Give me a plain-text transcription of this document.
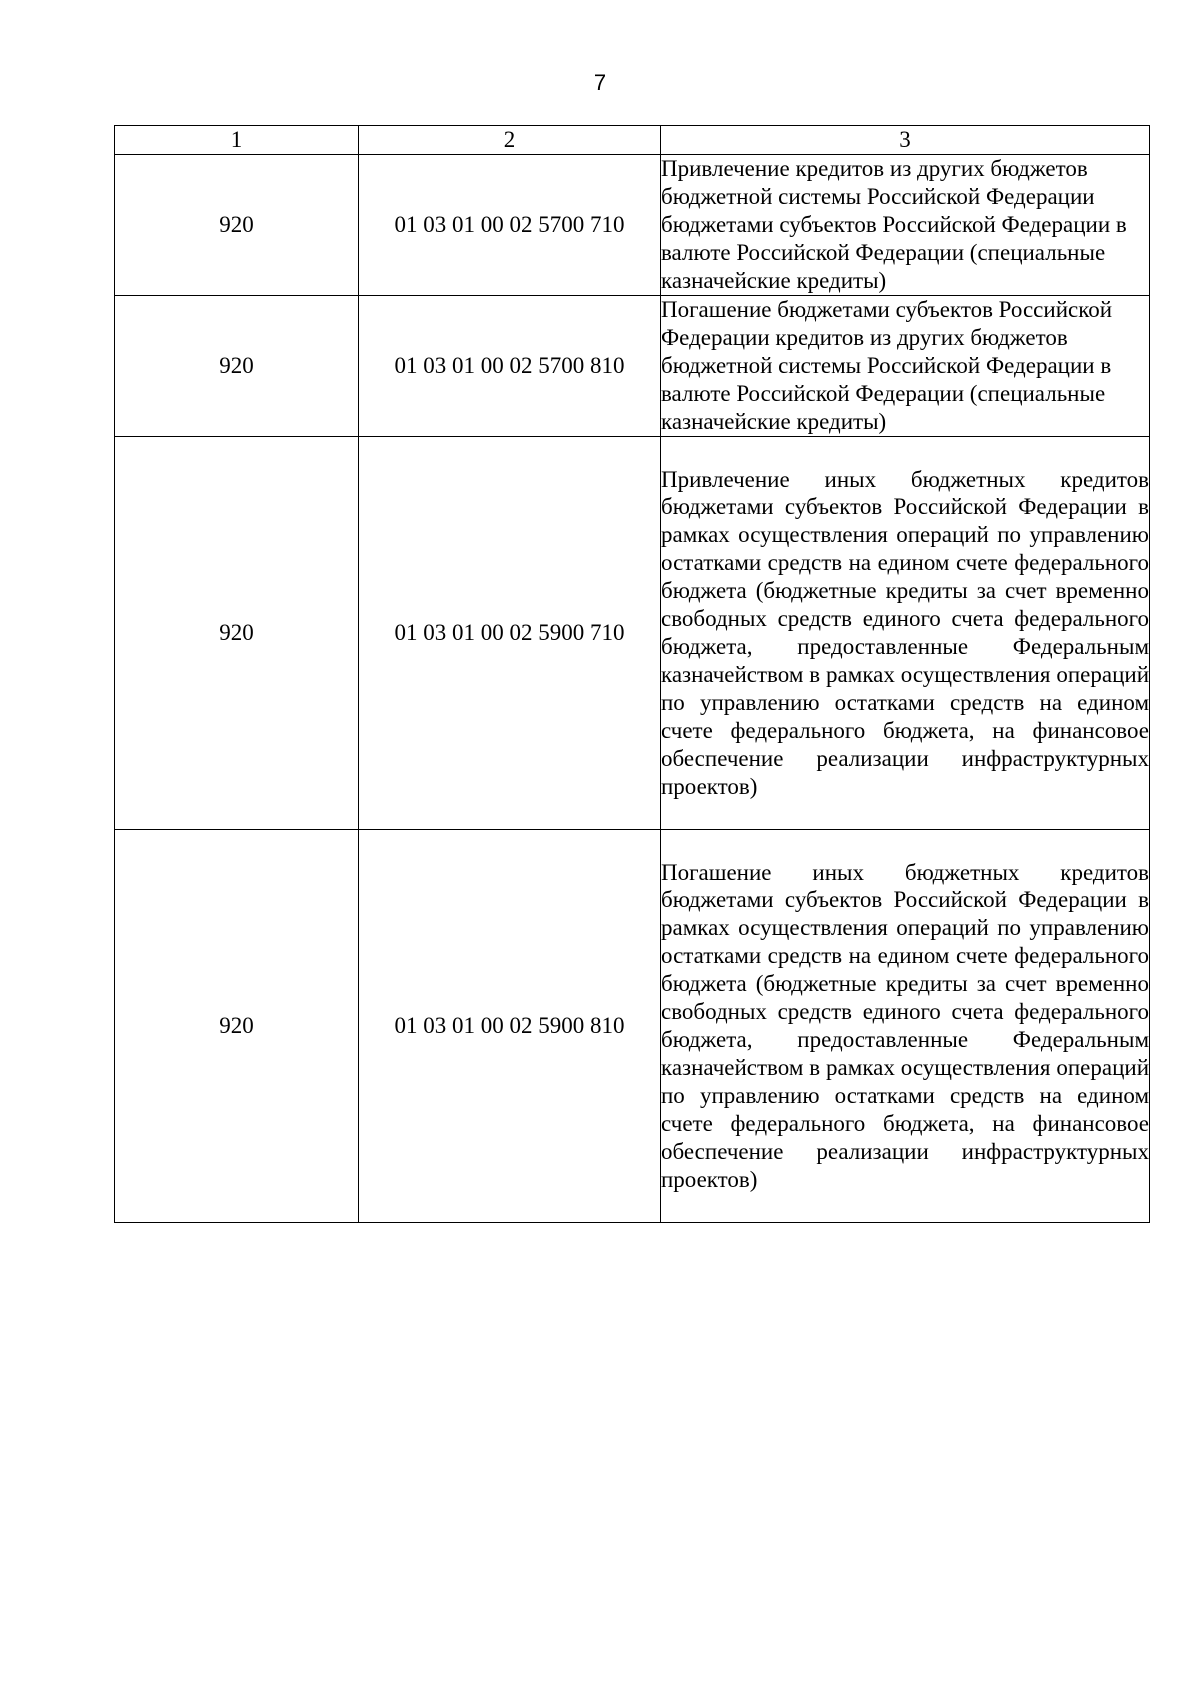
7
1	2	3
920	01 03 01 00 02 5700 710	Привлечение кредитов из других бюджетов бюджетной системы Российской Федерации бюджетами субъектов Российской Федерации в валюте Российской Федерации (специальные казначейские кредиты)
920	01 03 01 00 02 5700 810	Погашение бюджетами субъектов Российской Федерации кредитов из других бюджетов бюджетной системы Российской Федерации в валюте Российской Федерации (специальные казначейские кредиты)
920	01 03 01 00 02 5900 710	Привлечение иных бюджетных кредитов бюджетами субъектов Российской Федерации в рамках осуществления операций по управлению остатками средств на едином счете федерального бюджета (бюджетные кредиты за счет временно свободных средств единого счета федерального бюджета, предоставленные Федеральным казначейством в рамках осуществления операций по управлению остатками средств на едином счете федерального бюджета, на финансовое обеспечение реализации инфраструктурных проектов)
920	01 03 01 00 02 5900 810	Погашение иных бюджетных кредитов бюджетами субъектов Российской Федерации в рамках осуществления операций по управлению остатками средств на едином счете федерального бюджета (бюджетные кредиты за счет временно свободных средств единого счета федерального бюджета, предоставленные Федеральным казначейством в рамках осуществления операций по управлению остатками средств на едином счете федерального бюджета, на финансовое обеспечение реализации инфраструктурных проектов)
